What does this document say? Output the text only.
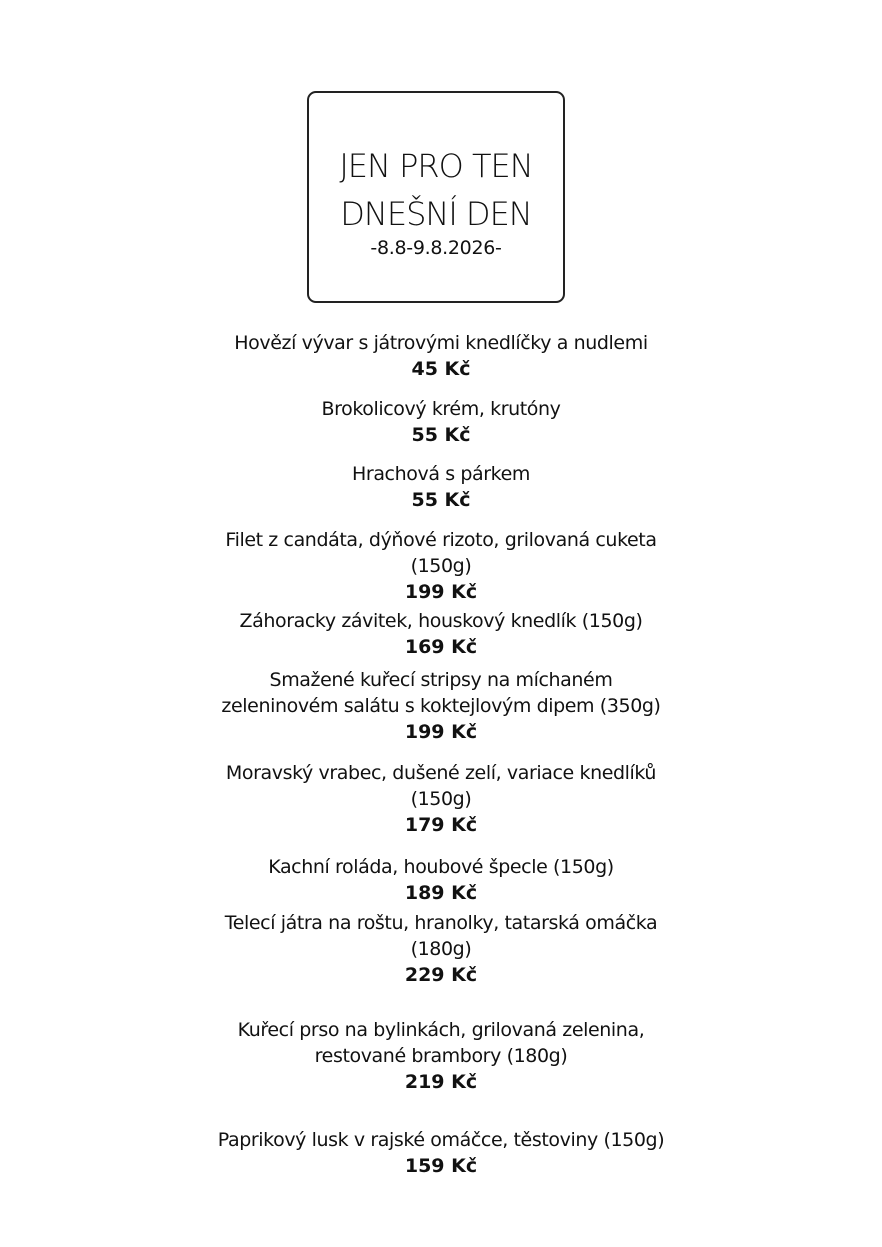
JEN PRO TEN
DNEŠNÍ DEN
-8.8-9.8.2026-
Hovězí vývar s játrovými knedlíčky a nudlemi
45 Kč
Brokolicový krém, krutóny
55 Kč
Hrachová s párkem
55 Kč
Filet z candáta, dýňové rizoto, grilovaná cuketa
(150g)
199 Kč
Záhoracky závitek, houskový knedlík (150g)
169 Kč
Smažené kuřecí stripsy na míchaném
zeleninovém salátu s koktejlovým dipem (350g)
199 Kč
Moravský vrabec, dušené zelí, variace knedlíků
(150g)
179 Kč
Kachní roláda, houbové špecle (150g)
189 Kč
Telecí játra na roštu, hranolky, tatarská omáčka
(180g)
229 Kč
Kuřecí prso na bylinkách, grilovaná zelenina,
restované brambory (180g)
219 Kč
Paprikový lusk v rajské omáčce, těstoviny (150g)
159 Kč
